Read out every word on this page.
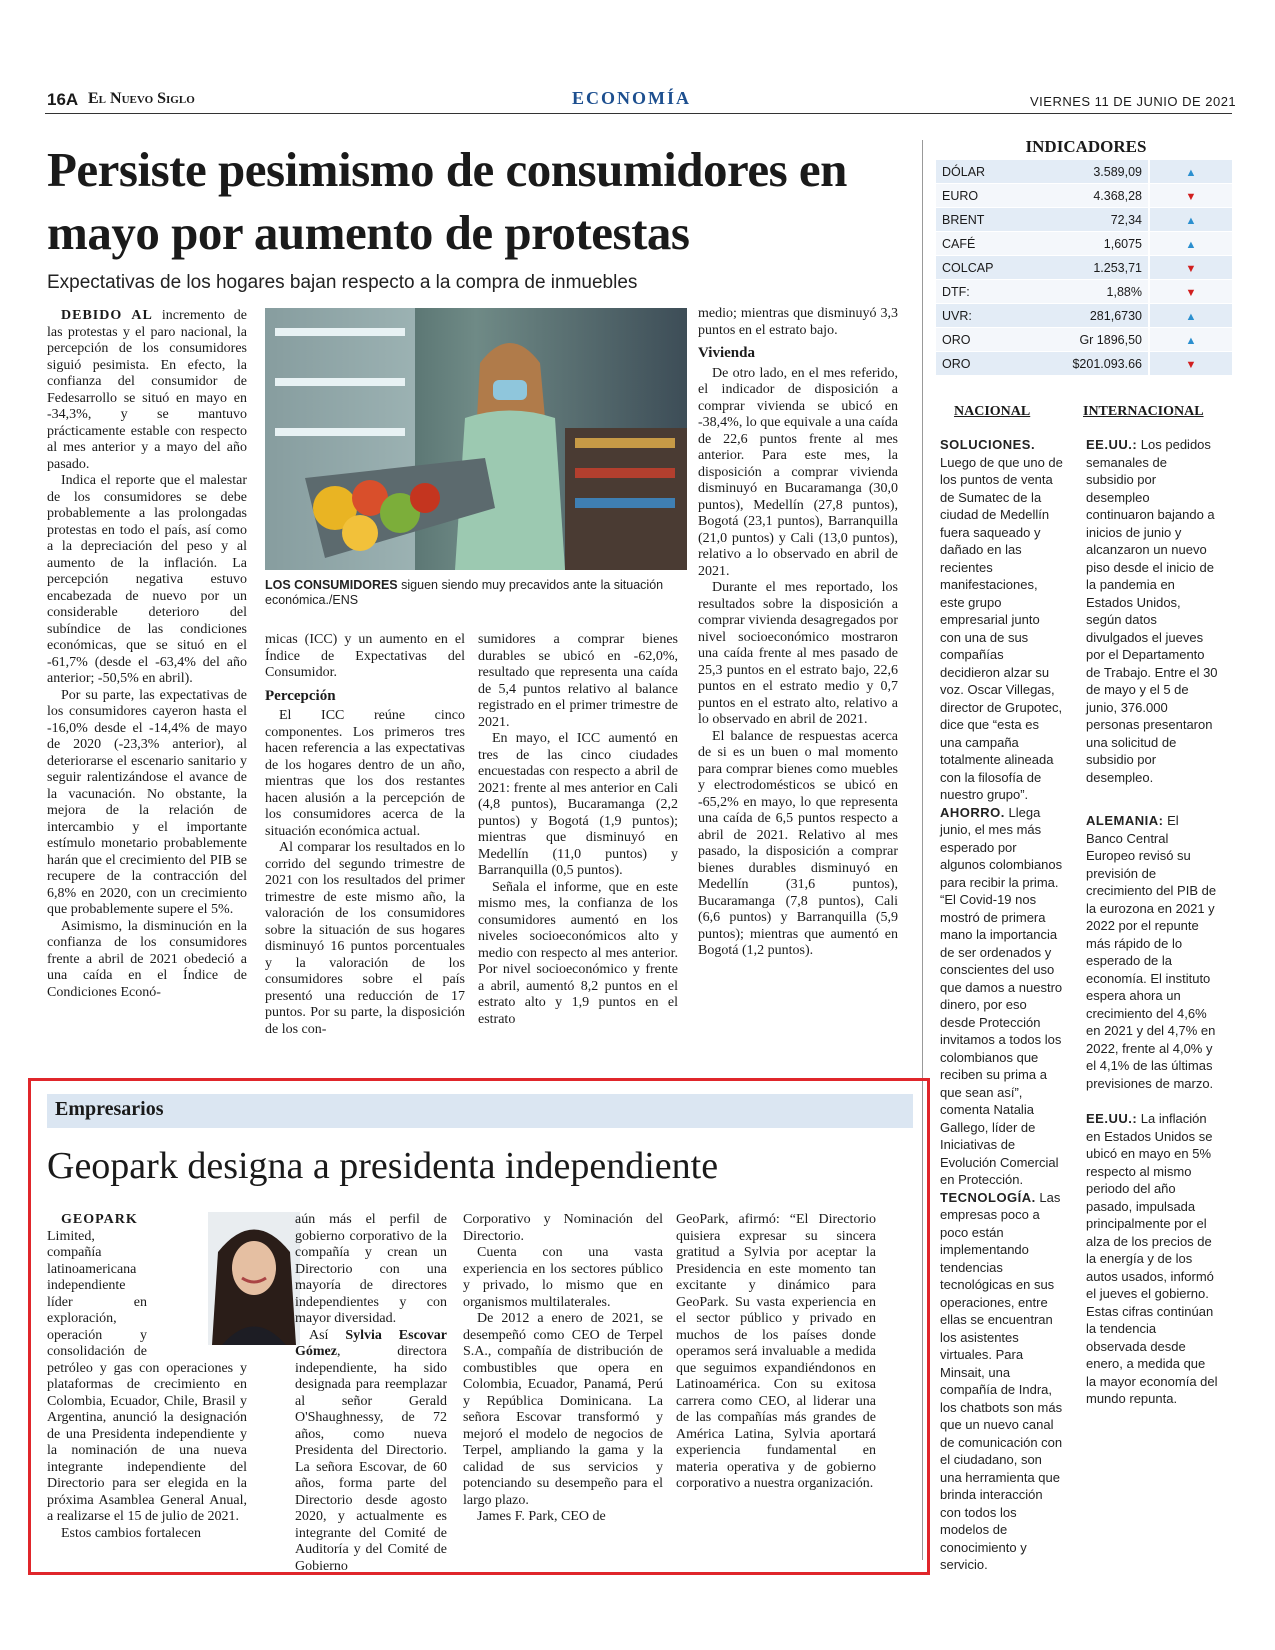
16A El Nuevo Siglo	ECONOMÍA	VIERNES 11 DE JUNIO DE 2021
Persiste pesimismo de consumidores en mayo por aumento de protestas
Expectativas de los hogares bajan respecto a la compra de inmuebles

DEBIDO AL incremento de las protestas y el paro nacional, la percepción de los consumidores siguió pesimista. En efecto, la confianza del consumidor de Fedesarrollo se situó en mayo en -34,3%, y se mantuvo prácticamente estable con respecto al mes anterior y a mayo del año pasado.

Indica el reporte que el malestar de los consumidores se debe probablemente a las prolongadas protestas en todo el país, así como a la depreciación del peso y al aumento de la inflación. La percepción negativa estuvo encabezada de nuevo por un considerable deterioro del subíndice de las condiciones económicas, que se situó en el -61,7% (desde el -63,4% del año anterior; -50,5% en abril).

Por su parte, las expectativas de los consumidores cayeron hasta el -16,0% desde el -14,4% de mayo de 2020 (-23,3% anterior), al deteriorarse el escenario sanitario y seguir ralentizándose el avance de la vacunación. No obstante, la mejora de la relación de intercambio y el importante estímulo monetario probablemente harán que el crecimiento del PIB se recupere de la contracción del 6,8% en 2020, con un crecimiento que probablemente supere el 5%.

Asimismo, la disminución en la confianza de los consumidores frente a abril de 2021 obedeció a una caída en el Índice de Condiciones Econó-

LOS CONSUMIDORES siguen siendo muy precavidos ante la situación económica./ENS

micas (ICC) y un aumento en el Índice de Expectativas del Consumidor.

Percepción

El ICC reúne cinco componentes. Los primeros tres hacen referencia a las expectativas de los hogares dentro de un año, mientras que los dos restantes hacen alusión a la percepción de los consumidores acerca de la situación económica actual.

Al comparar los resultados en lo corrido del segundo trimestre de 2021 con los resultados del primer trimestre de este mismo año, la valoración de los consumidores sobre la situación de sus hogares disminuyó 16 puntos porcentuales y la valoración de los consumidores sobre el país presentó una reducción de 17 puntos. Por su parte, la disposición de los con-

sumidores a comprar bienes durables se ubicó en -62,0%, resultado que representa una caída de 5,4 puntos relativo al balance registrado en el primer trimestre de 2021.

En mayo, el ICC aumentó en tres de las cinco ciudades encuestadas con respecto a abril de 2021: frente al mes anterior en Cali (4,8 puntos), Bucaramanga (2,2 puntos) y Bogotá (1,9 puntos); mientras que disminuyó en Medellín (11,0 puntos) y Barranquilla (0,5 puntos).

Señala el informe, que en este mismo mes, la confianza de los consumidores aumentó en los niveles socioeconómicos alto y medio con respecto al mes anterior. Por nivel socioeconómico y frente a abril, aumentó 8,2 puntos en el estrato alto y 1,9 puntos en el estrato

medio; mientras que disminuyó 3,3 puntos en el estrato bajo.

Vivienda

De otro lado, en el mes referido, el indicador de disposición a comprar vivienda se ubicó en -38,4%, lo que equivale a una caída de 22,6 puntos frente al mes anterior. Para este mes, la disposición a comprar vivienda disminuyó en Bucaramanga (30,0 puntos), Medellín (27,8 puntos), Bogotá (23,1 puntos), Barranquilla (21,0 puntos) y Cali (13,0 puntos), relativo a lo observado en abril de 2021.

Durante el mes reportado, los resultados sobre la disposición a comprar vivienda desagregados por nivel socioeconómico mostraron una caída frente al mes pasado de 25,3 puntos en el estrato bajo, 22,6 puntos en el estrato medio y 0,7 puntos en el estrato alto, relativo a lo observado en abril de 2021.

El balance de respuestas acerca de si es un buen o mal momento para comprar bienes como muebles y electrodomésticos se ubicó en -65,2% en mayo, lo que representa una caída de 6,5 puntos respecto a abril de 2021. Relativo al mes pasado, la disposición a comprar bienes durables disminuyó en Medellín (31,6 puntos), Bucaramanga (7,8 puntos), Cali (6,6 puntos) y Barranquilla (5,9 puntos); mientras que aumentó en Bogotá (1,2 puntos).

INDICADORES
DÓLAR	3.589,09	▲
EURO	4.368,28	▼
BRENT	72,34	▲
CAFÉ	1,6075	▲
COLCAP	1.253,71	▼
DTF:	1,88%	▼
UVR:	281,6730	▲
ORO	Gr 1896,50	▲
ORO	$201.093.66	▼
NACIONAL	INTERNACIONAL

SOLUCIONES. Luego de que uno de los puntos de venta de Sumatec de la ciudad de Medellín fuera saqueado y dañado en las recientes manifestaciones, este grupo empresarial junto con una de sus compañías decidieron alzar su voz. Oscar Villegas, director de Grupotec, dice que “esta es una campaña totalmente alineada con la filosofía de nuestro grupo”.

AHORRO. Llega junio, el mes más esperado por algunos colombianos para recibir la prima. “El Covid-19 nos mostró de primera mano la importancia de ser ordenados y conscientes del uso que damos a nuestro dinero, por eso desde Protección invitamos a todos los colombianos que reciben su prima a que sean así”, comenta Natalia Gallego, líder de Iniciativas de Evolución Comercial en Protección.

TECNOLOGÍA. Las empresas poco a poco están implementando tendencias tecnológicas en sus operaciones, entre ellas se encuentran los asistentes virtuales. Para Minsait, una compañía de Indra, los chatbots son más que un nuevo canal de comunicación con el ciudadano, son una herramienta que brinda interacción con todos los modelos de conocimiento y servicio.

EE.UU.: Los pedidos semanales de subsidio por desempleo continuaron bajando a inicios de junio y alcanzaron un nuevo piso desde el inicio de la pandemia en Estados Unidos, según datos divulgados el jueves por el Departamento de Trabajo. Entre el 30 de mayo y el 5 de junio, 376.000 personas presentaron una solicitud de subsidio por desempleo.

ALEMANIA: El Banco Central Europeo revisó su previsión de crecimiento del PIB de la eurozona en 2021 y 2022 por el repunte más rápido de lo esperado de la economía. El instituto espera ahora un crecimiento del 4,6% en 2021 y del 4,7% en 2022, frente al 4,0% y el 4,1% de las últimas previsiones de marzo.

EE.UU.: La inflación en Estados Unidos se ubicó en mayo en 5% respecto al mismo periodo del año pasado, impulsada principalmente por el alza de los precios de la energía y de los autos usados, informó el jueves el gobierno. Estas cifras continúan la tendencia observada desde enero, a medida que la mayor economía del mundo repunta.

Empresarios
Geopark designa a presidenta independiente

GEOPARK Limited, compañía latinoamericana independiente líder en exploración, operación y consolidación de petróleo y gas con operaciones y plataformas de crecimiento en Colombia, Ecuador, Chile, Brasil y Argentina, anunció la designación de una Presidenta independiente y la nominación de una nueva integrante independiente del Directorio para ser elegida en la próxima Asamblea General Anual, a realizarse el 15 de julio de 2021.

Estos cambios fortalecen

aún más el perfil de gobierno corporativo de la compañía y crean un Directorio con una mayoría de directores independientes y con mayor diversidad.

Así Sylvia Escovar Gómez, directora independiente, ha sido designada para reemplazar al señor Gerald O'Shaughnessy, de 72 años, como nueva Presidenta del Directorio. La señora Escovar, de 60 años, forma parte del Directorio desde agosto 2020, y actualmente es integrante del Comité de Auditoría y del Comité de Gobierno

Corporativo y Nominación del Directorio.

Cuenta con una vasta experiencia en los sectores público y privado, lo mismo que en organismos multilaterales.

De 2012 a enero de 2021, se desempeñó como CEO de Terpel S.A., compañía de distribución de combustibles que opera en Colombia, Ecuador, Panamá, Perú y República Dominicana. La señora Escovar transformó y mejoró el modelo de negocios de Terpel, ampliando la gama y la calidad de sus servicios y potenciando su desempeño para el largo plazo.

James F. Park, CEO de

GeoPark, afirmó: “El Directorio quisiera expresar su sincera gratitud a Sylvia por aceptar la Presidencia en este momento tan excitante y dinámico para GeoPark. Su vasta experiencia en el sector público y privado en muchos de los países donde operamos será invaluable a medida que seguimos expandiéndonos en Latinoamérica. Con su exitosa carrera como CEO, al liderar una de las compañías más grandes de América Latina, Sylvia aportará experiencia fundamental en materia operativa y de gobierno corporativo a nuestra organización.
